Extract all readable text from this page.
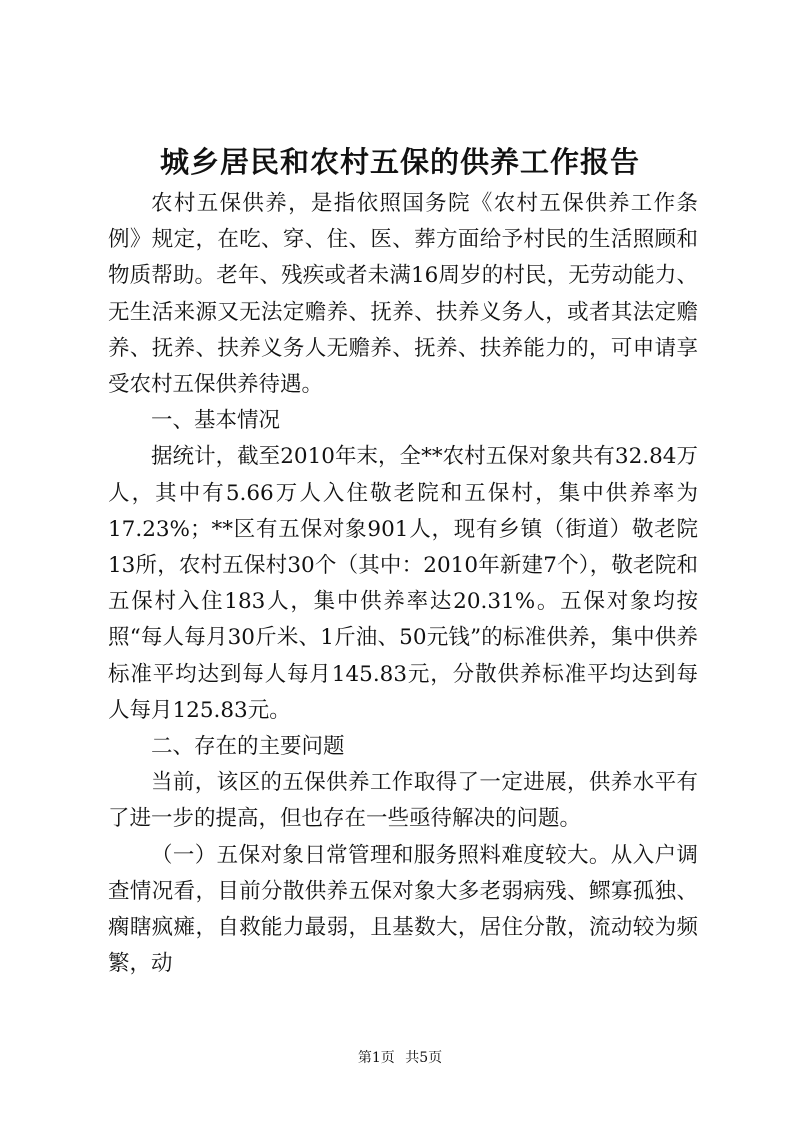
城乡居民和农村五保的供养工作报告

农村五保供养，是指依照国务院《农村五保供养工作条例》规定，在吃、穿、住、医、葬方面给予村民的生活照顾和物质帮助。老年、残疾或者未满16周岁的村民，无劳动能力、无生活来源又无法定赡养、抚养、扶养义务人，或者其法定赡养、抚养、扶养义务人无赡养、抚养、扶养能力的，可申请享受农村五保供养待遇。

一、基本情况

据统计，截至2010年末，全**农村五保对象共有32.84万人，其中有5.66万人入住敬老院和五保村，集中供养率为17.23%；**区有五保对象901人，现有乡镇（街道）敬老院13所，农村五保村30个（其中：2010年新建7个），敬老院和五保村入住183人，集中供养率达20.31%。五保对象均按照“每人每月30斤米、1斤油、50元钱”的标准供养，集中供养标准平均达到每人每月145.83元，分散供养标准平均达到每人每月125.83元。

二、存在的主要问题

当前，该区的五保供养工作取得了一定进展，供养水平有了进一步的提高，但也存在一些亟待解决的问题。

（一）五保对象日常管理和服务照料难度较大。从入户调查情况看，目前分散供养五保对象大多老弱病残、鳏寡孤独、瘸瞎疯瘫，自救能力最弱，且基数大，居住分散，流动较为频繁，动

第1页 共5页
